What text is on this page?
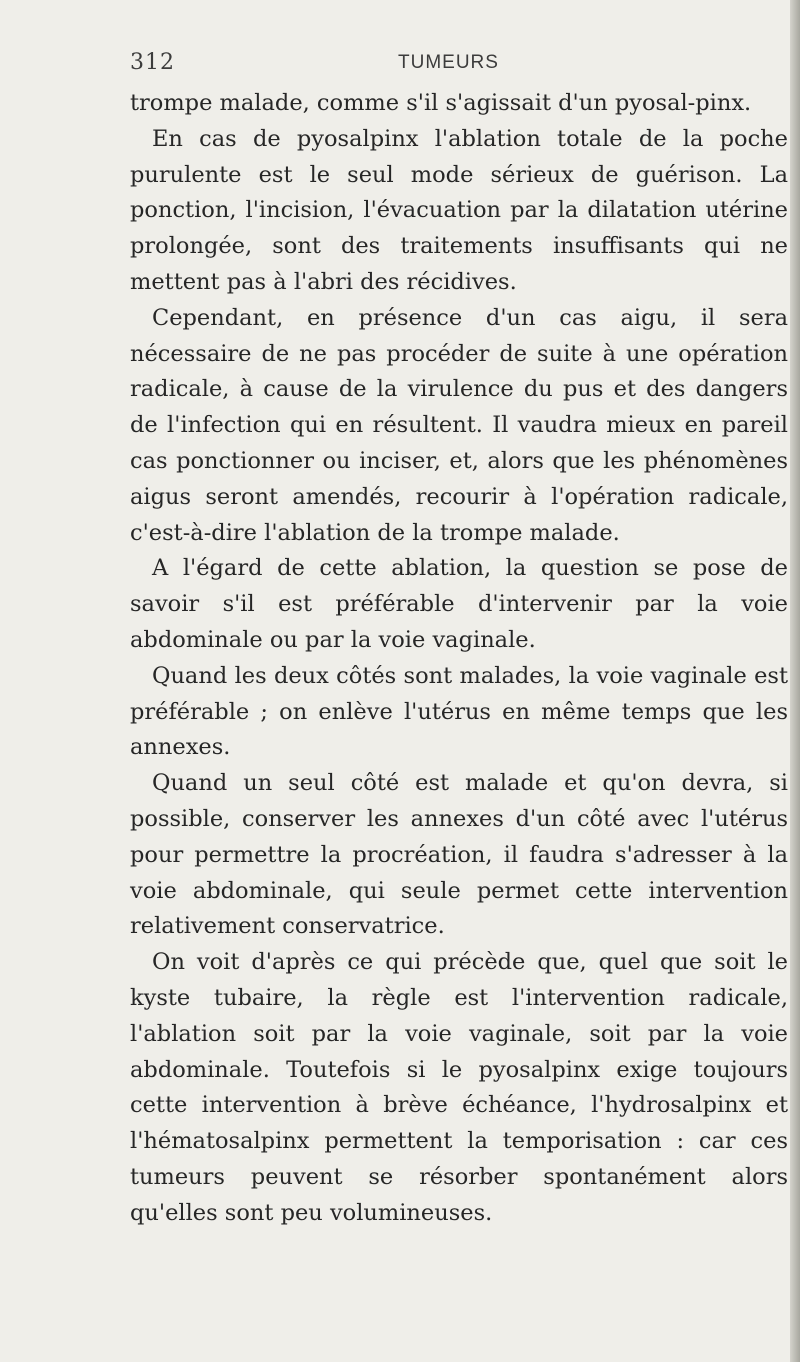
312	TUMEURS

trompe malade, comme s'il s'agissait d'un pyosal-pinx.

En cas de pyosalpinx l'ablation totale de la poche purulente est le seul mode sérieux de guérison. La ponction, l'incision, l'évacuation par la dilatation utérine prolongée, sont des traitements insuffisants qui ne mettent pas à l'abri des récidives.

Cependant, en présence d'un cas aigu, il sera nécessaire de ne pas procéder de suite à une opération radicale, à cause de la virulence du pus et des dangers de l'infection qui en résultent. Il vaudra mieux en pareil cas ponctionner ou inciser, et, alors que les phénomènes aigus seront amendés, recourir à l'opération radicale, c'est-à-dire l'ablation de la trompe malade.

A l'égard de cette ablation, la question se pose de savoir s'il est préférable d'intervenir par la voie abdominale ou par la voie vaginale.

Quand les deux côtés sont malades, la voie vaginale est préférable ; on enlève l'utérus en même temps que les annexes.

Quand un seul côté est malade et qu'on devra, si possible, conserver les annexes d'un côté avec l'utérus pour permettre la procréation, il faudra s'adresser à la voie abdominale, qui seule permet cette intervention relativement conservatrice.

On voit d'après ce qui précède que, quel que soit le kyste tubaire, la règle est l'intervention radicale, l'ablation soit par la voie vaginale, soit par la voie abdominale. Toutefois si le pyosalpinx exige toujours cette intervention à brève échéance, l'hydrosalpinx et l'hématosalpinx permettent la temporisation : car ces tumeurs peuvent se résorber spontanément alors qu'elles sont peu volumineuses.
